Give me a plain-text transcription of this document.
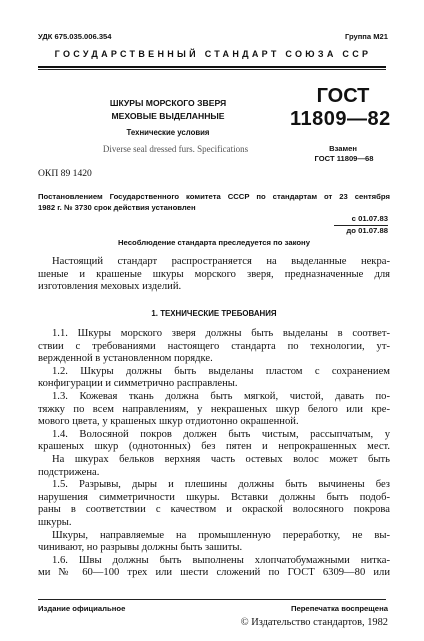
УДК 675.035.006.354	Группа М21
ГОСУДАРСТВЕННЫЙ СТАНДАРТ СОЮЗА ССР
ШКУРЫ МОРСКОГО ЗВЕРЯ
МЕХОВЫЕ ВЫДЕЛАННЫЕ
Технические условия
Diverse seal dressed furs. Specifications
ОКП 89 1420
ГОСТ
11809—82
Взамен
ГОСТ 11809—68
Постановлением Государственного комитета СССР по стандартам от 23 сентября
1982 г. № 3730 срок действия установлен
с 01.07.83
до 01.07.88
Несоблюдение стандарта преследуется по закону
Настоящий стандарт распространяется на выделанные некра-
шеные и крашеные шкуры морского зверя, предназначенные для
изготовления меховых изделий.
1. ТЕХНИЧЕСКИЕ ТРЕБОВАНИЯ
1.1. Шкуры морского зверя должны быть выделаны в соответ-
ствии с требованиями настоящего стандарта по технологии, ут-
вержденной в установленном порядке.
1.2. Шкуры должны быть выделаны пластом с сохранением
конфигурации и симметрично расправлены.
1.3. Кожевая ткань должна быть мягкой, чистой, давать по-
тяжку по всем направлениям, у некрашеных шкур белого или кре-
мового цвета, у крашеных шкур отдиотонно окрашенной.
1.4. Волосяной покров должен быть чистым, рассыпчатым, у
крашеных шкур (однотонных) без пятен и непрокрашенных мест.
На шкурах бельков верхняя часть остевых волос может быть
подстрижена.
1.5. Разрывы, дыры и плешины должны быть вычинены без
нарушения симметричности шкуры. Вставки должны быть подоб-
раны в соответствии с качеством и окраской волосяного покрова
шкуры.
Шкуры, направляемые на промышленную переработку, не вы-
чинивают, но разрывы должны быть зашиты.
1.6. Швы должны быть выполнены хлопчатобумажными нитка-
ми № 60—100 трех или шести сложений по ГОСТ 6309—80 или
Издание официальное	Перепечатка воспрещена
© Издательство стандартов, 1982
